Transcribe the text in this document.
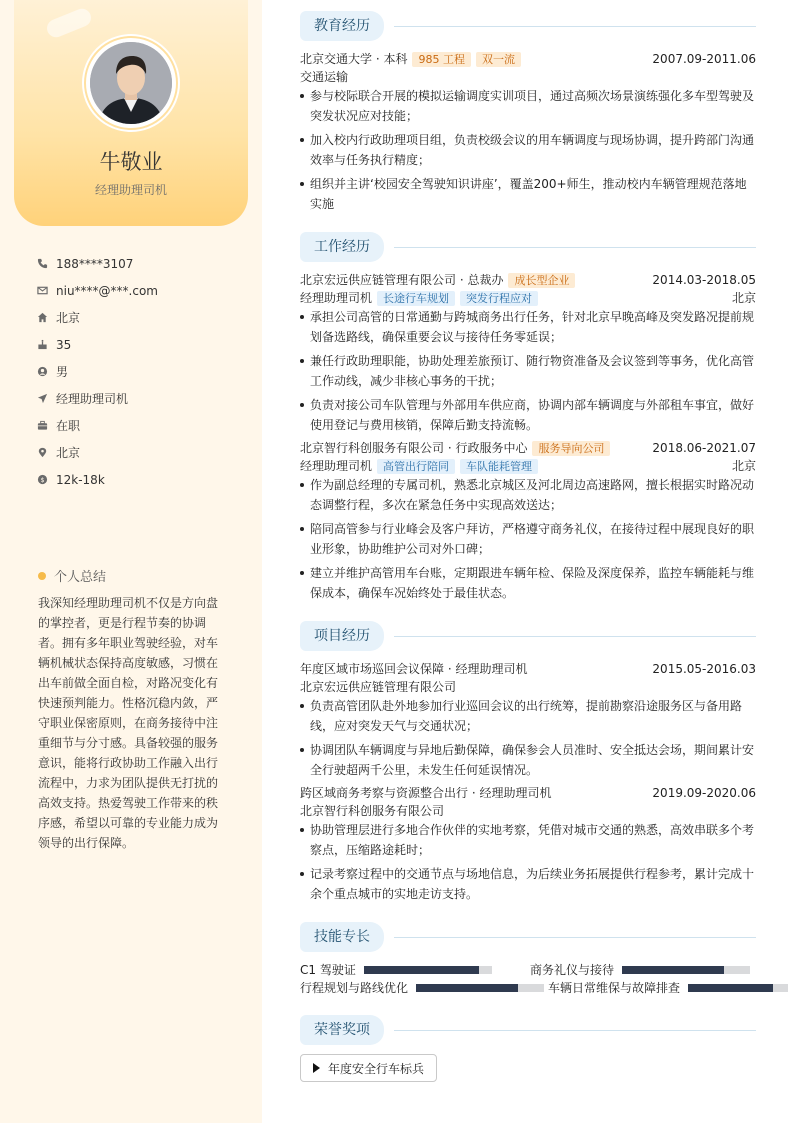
牛敬业
经理助理司机
188****3107
niu****@***.com
北京
35
男
经理助理司机
在职
北京
$ 12k-18k
个人总结
我深知经理助理司机不仅是方向盘的掌控者，更是行程节奏的协调者。拥有多年职业驾驶经验，对车辆机械状态保持高度敏感，习惯在出车前做全面自检，对路况变化有快速预判能力。性格沉稳内敛，严守职业保密原则，在商务接待中注重细节与分寸感。具备较强的服务意识，能将行政协助工作融入出行流程中，力求为团队提供无打扰的高效支持。热爱驾驶工作带来的秩序感，希望以可靠的专业能力成为领导的出行保障。
教育经历
北京交通大学 · 本科	985 工程	双一流	2007.09-2011.06
交通运输
参与校际联合开展的模拟运输调度实训项目，通过高频次场景演练强化多车型驾驶及突发状况应对技能；
加入校内行政助理项目组，负责校级会议的用车辆调度与现场协调，提升跨部门沟通效率与任务执行精度；
组织并主讲‘校园安全驾驶知识讲座’，覆盖200+师生，推动校内车辆管理规范落地实施
工作经历
北京宏远供应链管理有限公司 · 总裁办	成长型企业	2014.03-2018.05
经理助理司机	长途行车规划	突发行程应对	北京
承担公司高管的日常通勤与跨城商务出行任务，针对北京早晚高峰及突发路况提前规划备选路线，确保重要会议与接待任务零延误；
兼任行政助理职能，协助处理差旅预订、随行物资准备及会议签到等事务，优化高管工作动线，减少非核心事务的干扰；
负责对接公司车队管理与外部用车供应商，协调内部车辆调度与外部租车事宜，做好使用登记与费用核销，保障后勤支持流畅。
北京智行科创服务有限公司 · 行政服务中心	服务导向公司	2018.06-2021.07
经理助理司机	高管出行陪同	车队能耗管理	北京
作为副总经理的专属司机，熟悉北京城区及河北周边高速路网，擅长根据实时路况动态调整行程，多次在紧急任务中实现高效送达；
陪同高管参与行业峰会及客户拜访，严格遵守商务礼仪，在接待过程中展现良好的职业形象，协助维护公司对外口碑；
建立并维护高管用车台账，定期跟进车辆年检、保险及深度保养，监控车辆能耗与维保成本，确保车况始终处于最佳状态。
项目经历
年度区域市场巡回会议保障 · 经理助理司机	2015.05-2016.03
北京宏远供应链管理有限公司
负责高管团队赴外地参加行业巡回会议的出行统筹，提前勘察沿途服务区与备用路线，应对突发天气与交通状况；
协调团队车辆调度与异地后勤保障，确保参会人员准时、安全抵达会场，期间累计安全行驶超两千公里，未发生任何延误情况。
跨区域商务考察与资源整合出行 · 经理助理司机	2019.09-2020.06
北京智行科创服务有限公司
协助管理层进行多地合作伙伴的实地考察，凭借对城市交通的熟悉，高效串联多个考察点，压缩路途耗时；
记录考察过程中的交通节点与场地信息，为后续业务拓展提供行程参考，累计完成十余个重点城市的实地走访支持。
技能专长
C1 驾驶证	商务礼仪与接待
行程规划与路线优化	车辆日常维保与故障排查
荣誉奖项
年度安全行车标兵
